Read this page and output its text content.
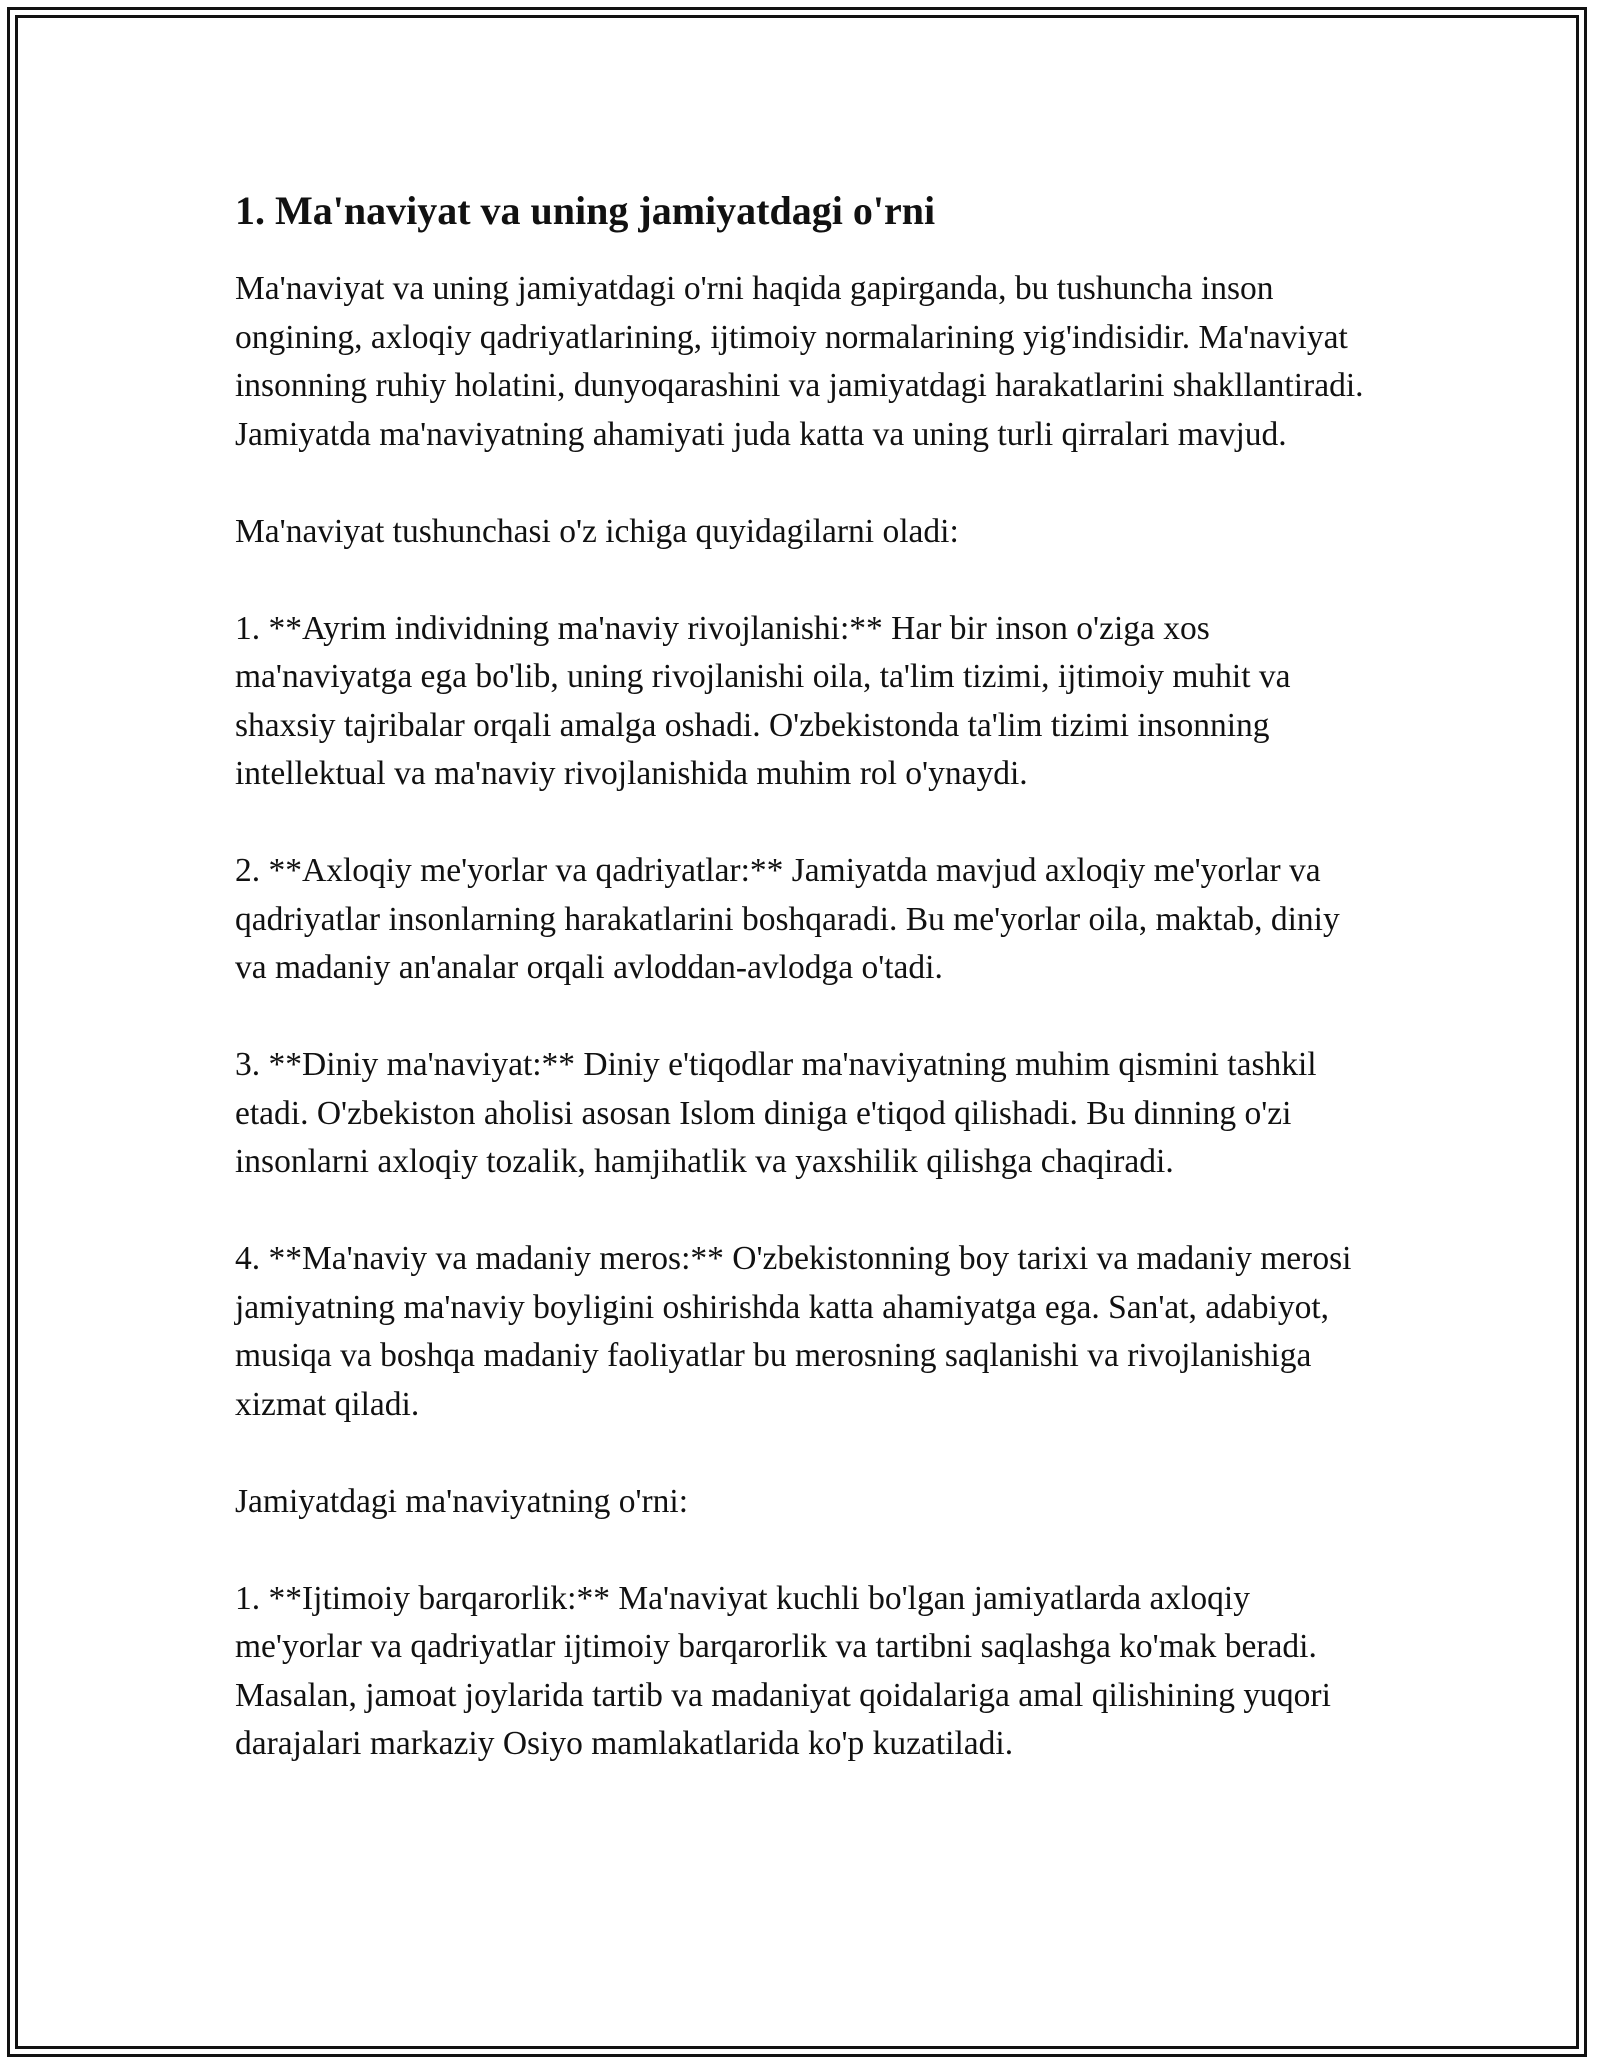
1. Ma'naviyat va uning jamiyatdagi o'rni

Ma'naviyat va uning jamiyatdagi o'rni haqida gapirganda, bu tushuncha inson ongining, axloqiy qadriyatlarining, ijtimoiy normalarining yig'indisidir. Ma'naviyat insonning ruhiy holatini, dunyoqarashini va jamiyatdagi harakatlarini shakllantiradi. Jamiyatda ma'naviyatning ahamiyati juda katta va uning turli qirralari mavjud.

Ma'naviyat tushunchasi o'z ichiga quyidagilarni oladi:

1. **Ayrim individning ma'naviy rivojlanishi:** Har bir inson o'ziga xos ma'naviyatga ega bo'lib, uning rivojlanishi oila, ta'lim tizimi, ijtimoiy muhit va shaxsiy tajribalar orqali amalga oshadi. O'zbekistonda ta'lim tizimi insonning intellektual va ma'naviy rivojlanishida muhim rol o'ynaydi.

2. **Axloqiy me'yorlar va qadriyatlar:** Jamiyatda mavjud axloqiy me'yorlar va qadriyatlar insonlarning harakatlarini boshqaradi. Bu me'yorlar oila, maktab, diniy va madaniy an'analar orqali avloddan-avlodga o'tadi.

3. **Diniy ma'naviyat:** Diniy e'tiqodlar ma'naviyatning muhim qismini tashkil etadi. O'zbekiston aholisi asosan Islom diniga e'tiqod qilishadi. Bu dinning o'zi insonlarni axloqiy tozalik, hamjihatlik va yaxshilik qilishga chaqiradi.

4. **Ma'naviy va madaniy meros:** O'zbekistonning boy tarixi va madaniy merosi jamiyatning ma'naviy boyligini oshirishda katta ahamiyatga ega. San'at, adabiyot, musiqa va boshqa madaniy faoliyatlar bu merosning saqlanishi va rivojlanishiga xizmat qiladi.

Jamiyatdagi ma'naviyatning o'rni:

1. **Ijtimoiy barqarorlik:** Ma'naviyat kuchli bo'lgan jamiyatlarda axloqiy me'yorlar va qadriyatlar ijtimoiy barqarorlik va tartibni saqlashga ko'mak beradi. Masalan, jamoat joylarida tartib va madaniyat qoidalariga amal qilishining yuqori darajalari markaziy Osiyo mamlakatlarida ko'p kuzatiladi.
